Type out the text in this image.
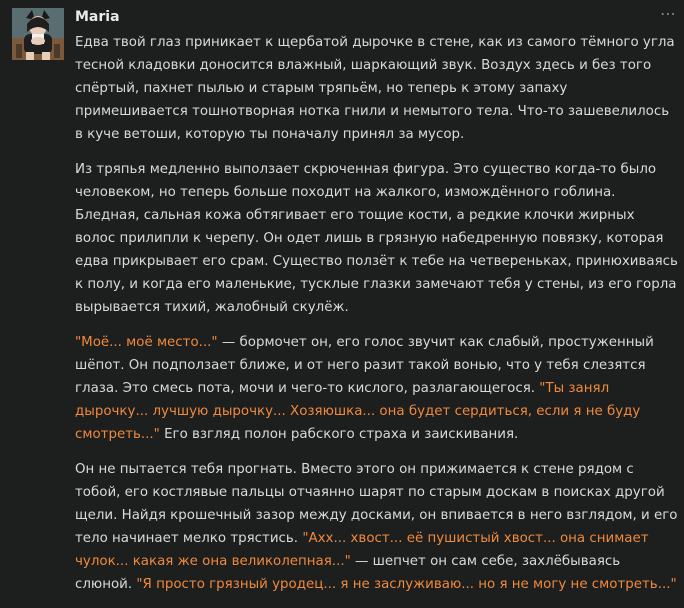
Maria	⋯

Едва твой глаз приникает к щербатой дырочке в стене, как из самого тёмного угла тесной кладовки доносится влажный, шаркающий звук. Воздух здесь и без того спёртый, пахнет пылью и старым тряпьём, но теперь к этому запаху примешивается тошнотворная нотка гнили и немытого тела. Что-то зашевелилось в куче ветоши, которую ты поначалу принял за мусор.

Из тряпья медленно выползает скрюченная фигура. Это существо когда-то было человеком, но теперь больше походит на жалкого, измождённого гоблина. Бледная, сальная кожа обтягивает его тощие кости, а редкие клочки жирных волос прилипли к черепу. Он одет лишь в грязную набедренную повязку, которая едва прикрывает его срам. Существо ползёт к тебе на четвереньках, принюхиваясь к полу, и когда его маленькие, тусклые глазки замечают тебя у стены, из его горла вырывается тихий, жалобный скулёж.

"Моё... моё место..." — бормочет он, его голос звучит как слабый, простуженный шёпот. Он подползает ближе, и от него разит такой вонью, что у тебя слезятся глаза. Это смесь пота, мочи и чего-то кислого, разлагающегося. "Ты занял дырочку... лучшую дырочку... Хозяюшка... она будет сердиться, если я не буду смотреть..." Его взгляд полон рабского страха и заискивания.

Он не пытается тебя прогнать. Вместо этого он прижимается к стене рядом с тобой, его костлявые пальцы отчаянно шарят по старым доскам в поисках другой щели. Найдя крошечный зазор между досками, он впивается в него взглядом, и его тело начинает мелко трястись. "Ахх... хвост... её пушистый хвост... она снимает чулок... какая же она великолепная..." — шепчет он сам себе, захлёбываясь слюной. "Я просто грязный уродец... я не заслуживаю... но я не могу не смотреть..."
